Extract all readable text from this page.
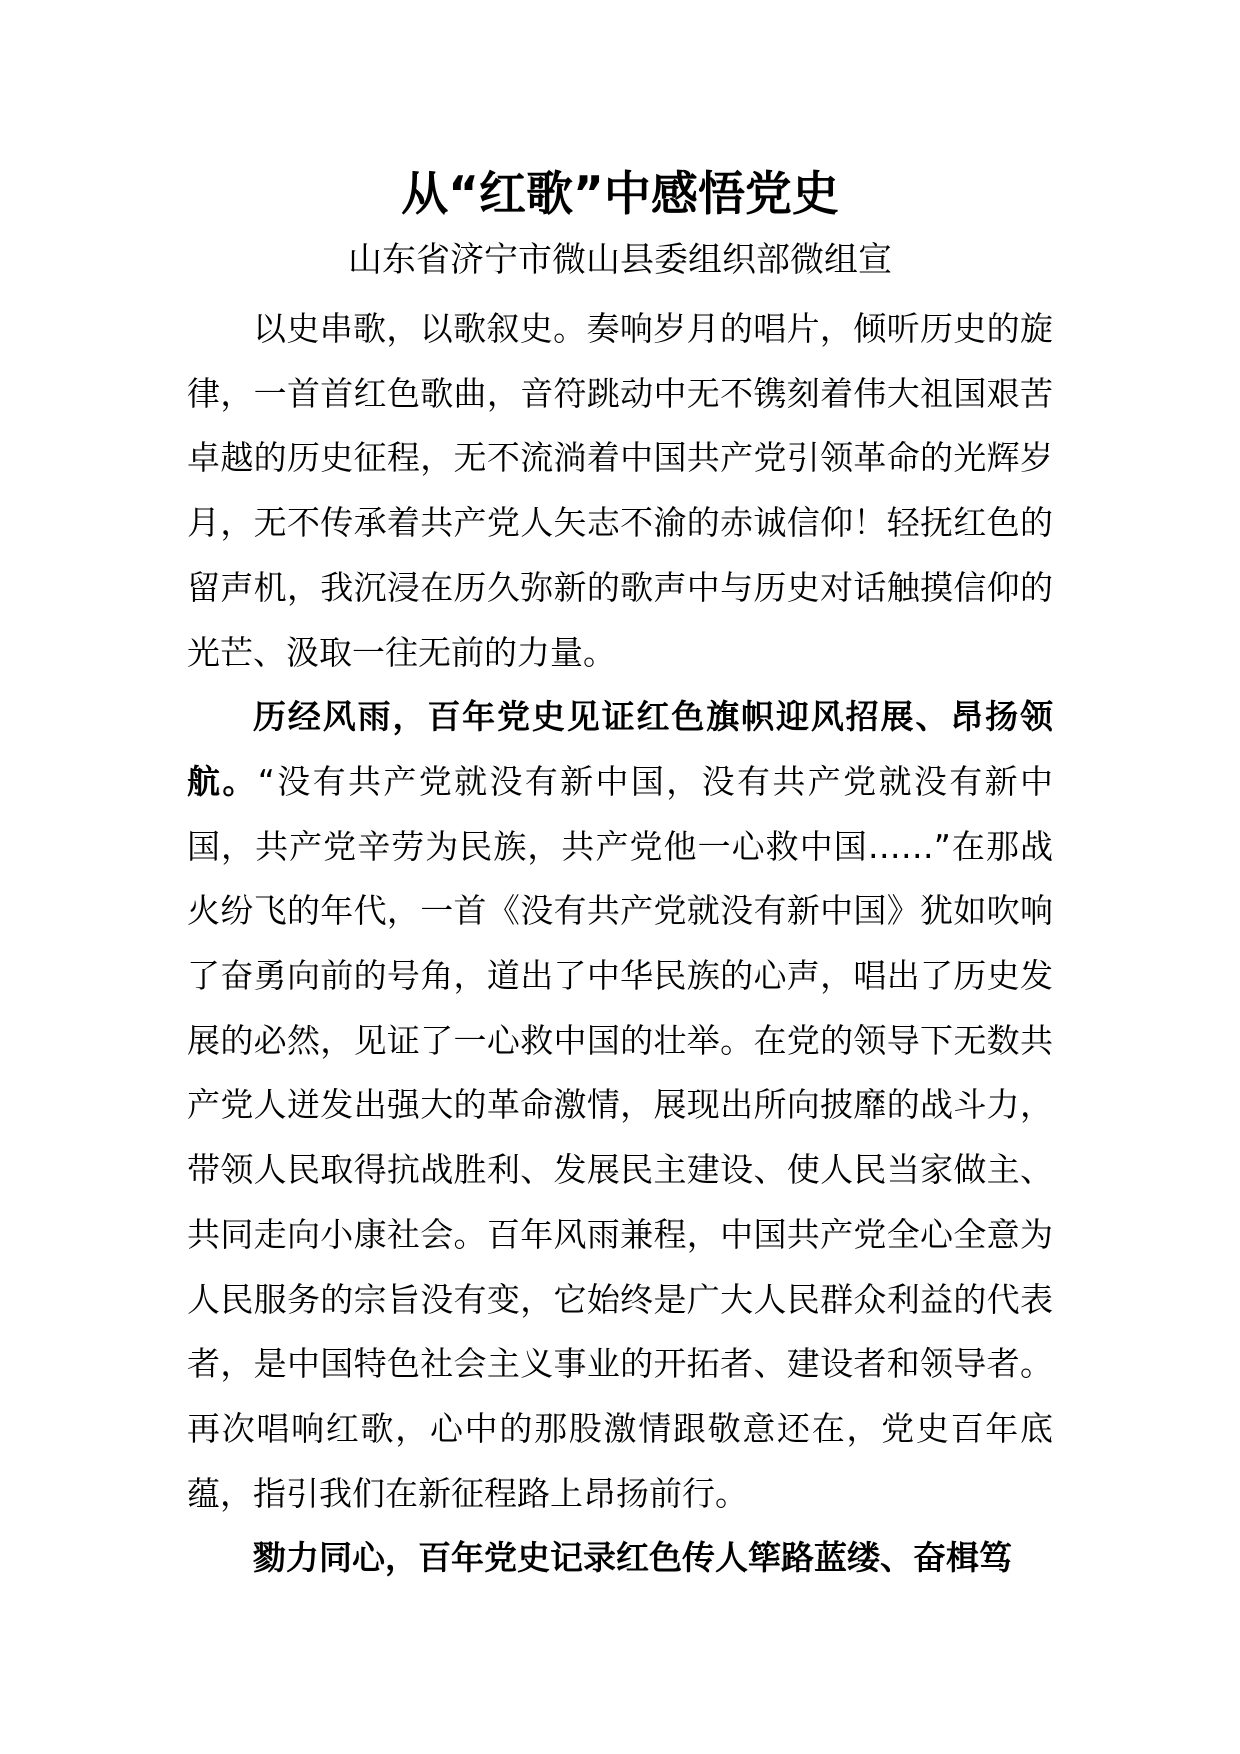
从“红歌”中感悟党史
山东省济宁市微山县委组织部微组宣

以史串歌，以歌叙史。奏响岁月的唱片，倾听历史的旋律，一首首红色歌曲，音符跳动中无不镌刻着伟大祖国艰苦卓越的历史征程，无不流淌着中国共产党引领革命的光辉岁月，无不传承着共产党人矢志不渝的赤诚信仰！轻抚红色的留声机，我沉浸在历久弥新的歌声中与历史对话触摸信仰的光芒、汲取一往无前的力量。

历经风雨，百年党史见证红色旗帜迎风招展、昂扬领航。“没有共产党就没有新中国，没有共产党就没有新中国，共产党辛劳为民族，共产党他一心救中国……”在那战火纷飞的年代，一首《没有共产党就没有新中国》犹如吹响了奋勇向前的号角，道出了中华民族的心声，唱出了历史发展的必然，见证了一心救中国的壮举。在党的领导下无数共产党人迸发出强大的革命激情，展现出所向披靡的战斗力，带领人民取得抗战胜利、发展民主建设、使人民当家做主、共同走向小康社会。百年风雨兼程，中国共产党全心全意为人民服务的宗旨没有变，它始终是广大人民群众利益的代表者，是中国特色社会主义事业的开拓者、建设者和领导者。再次唱响红歌，心中的那股激情跟敬意还在，党史百年底蕴，指引我们在新征程路上昂扬前行。

勠力同心，百年党史记录红色传人筚路蓝缕、奋楫笃
